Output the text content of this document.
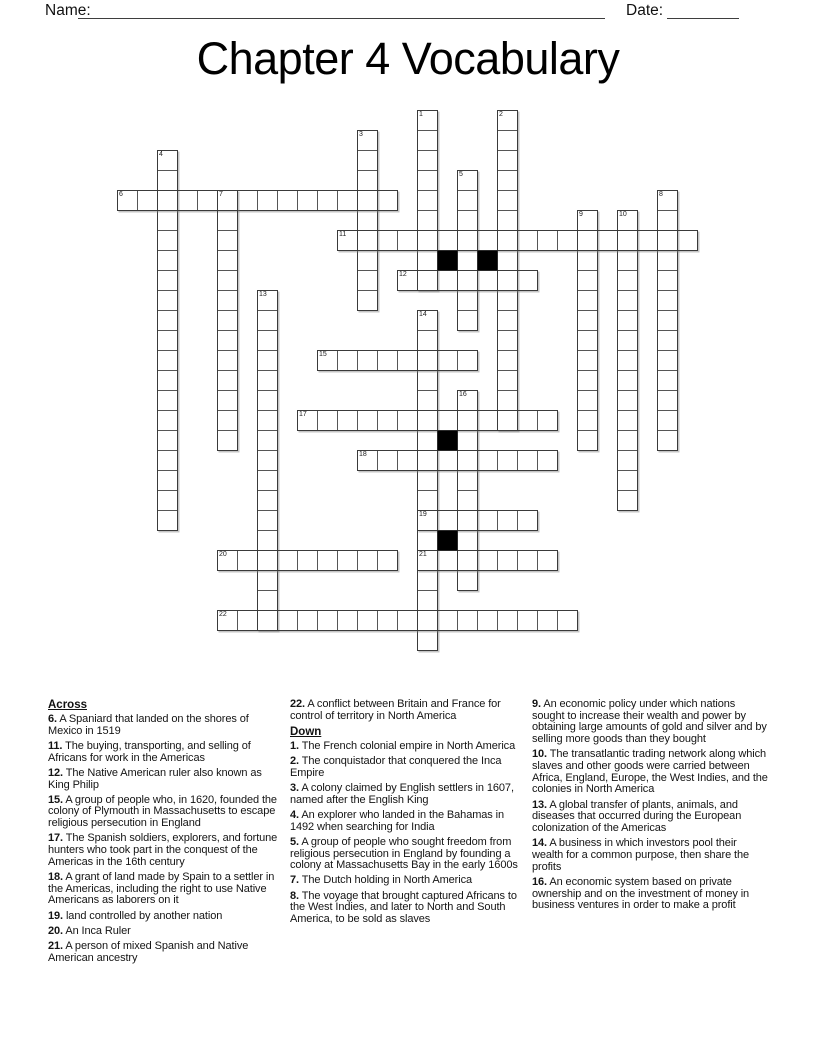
Name:	Date:
Chapter 4 Vocabulary
1	2
3
4
5
6	7	8
9	10
11
12
13
14
19
21
15
16
17
18
20
22
Across
6. A Spaniard that landed on the shores of Mexico in 1519
11. The buying, transporting, and selling of Africans for work in the Americas
12. The Native American ruler also known as King Philip
15. A group of people who, in 1620, founded the colony of Plymouth in Massachusetts to escape religious persecution in England
17. The Spanish soldiers, explorers, and fortune hunters who took part in the conquest of the Americas in the 16th century
18. A grant of land made by Spain to a settler in the Americas, including the right to use Native Americans as laborers on it
19. land controlled by another nation
20. An Inca Ruler
21. A person of mixed Spanish and Native American ancestry
22. A conflict between Britain and France for control of territory in North America
Down
1. The French colonial empire in North America
2. The conquistador that conquered the Inca Empire
3. A colony claimed by English settlers in 1607, named after the English King
4. An explorer who landed in the Bahamas in 1492 when searching for India
5. A group of people who sought freedom from religious persecution in England by founding a colony at Massachusetts Bay in the early 1600s
7. The Dutch holding in North America
8. The voyage that brought captured Africans to the West Indies, and later to North and South America, to be sold as slaves
9. An economic policy under which nations sought to increase their wealth and power by obtaining large amounts of gold and silver and by selling more goods than they bought
10. The transatlantic trading network along which slaves and other goods were carried between Africa, England, Europe, the West Indies, and the colonies in North America
13. A global transfer of plants, animals, and diseases that occurred during the European colonization of the Americas
14. A business in which investors pool their wealth for a common purpose, then share the profits
16. An economic system based on private ownership and on the investment of money in business ventures in order to make a profit
